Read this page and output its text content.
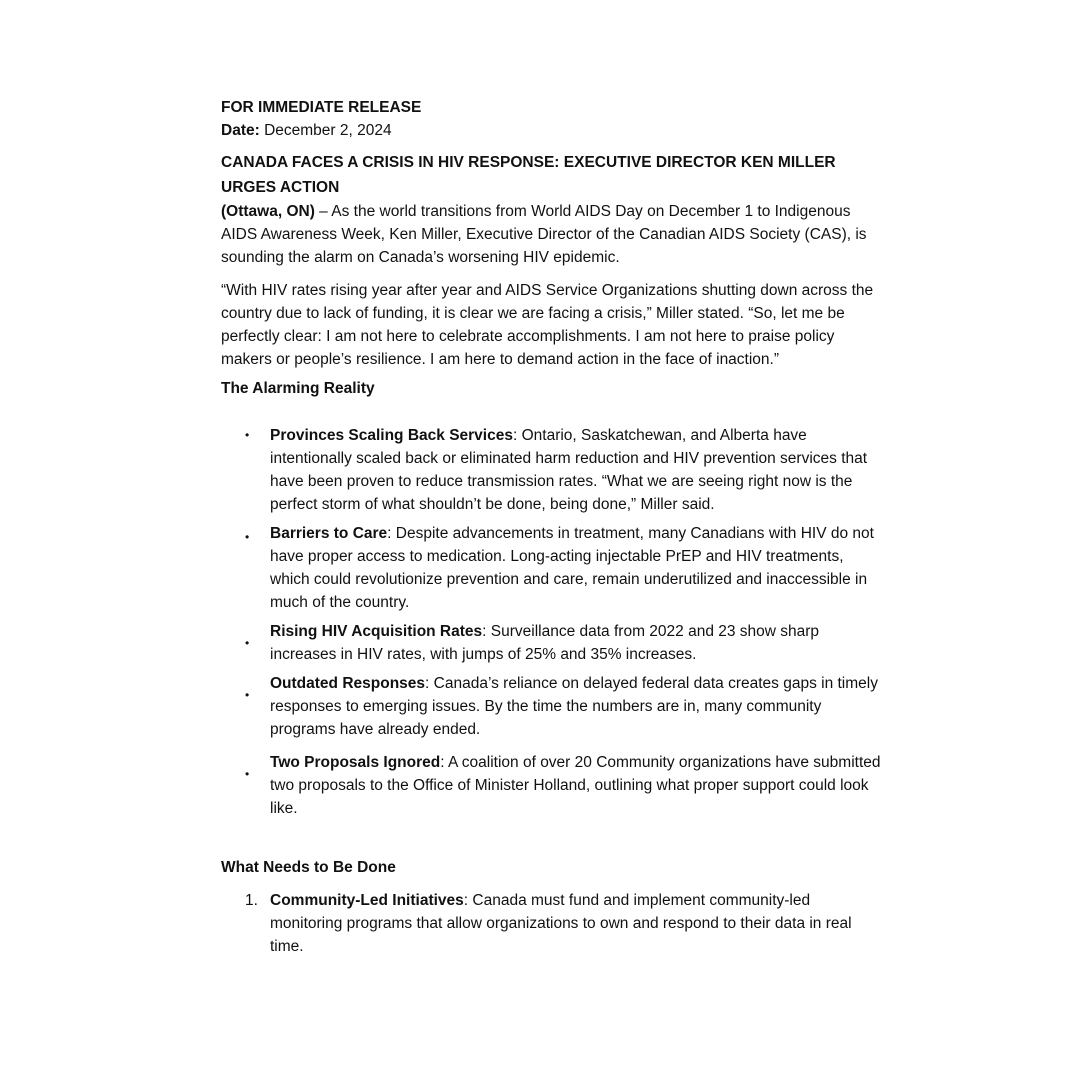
FOR IMMEDIATE RELEASE

Date: December 2, 2024

CANADA FACES A CRISIS IN HIV RESPONSE: EXECUTIVE DIRECTOR KEN MILLER URGES ACTION

(Ottawa, ON) – As the world transitions from World AIDS Day on December 1 to Indigenous AIDS Awareness Week, Ken Miller, Executive Director of the Canadian AIDS Society (CAS), is sounding the alarm on Canada’s worsening HIV epidemic.

“With HIV rates rising year after year and AIDS Service Organizations shutting down across the country due to lack of funding, it is clear we are facing a crisis,” Miller stated. “So, let me be perfectly clear: I am not here to celebrate accomplishments. I am not here to praise policy makers or people’s resilience. I am here to demand action in the face of inaction.”

The Alarming Reality

• Provinces Scaling Back Services: Ontario, Saskatchewan, and Alberta have intentionally scaled back or eliminated harm reduction and HIV prevention services that have been proven to reduce transmission rates. “What we are seeing right now is the perfect storm of what shouldn’t be done, being done,” Miller said.
• Barriers to Care: Despite advancements in treatment, many Canadians with HIV do not have proper access to medication. Long-acting injectable PrEP and HIV treatments, which could revolutionize prevention and care, remain underutilized and inaccessible in much of the country.
•
Rising HIV Acquisition Rates: Surveillance data from 2022 and 23 show sharp increases in HIV rates, with jumps of 25% and 35% increases.
•
Outdated Responses: Canada’s reliance on delayed federal data creates gaps in timely responses to emerging issues. By the time the numbers are in, many community programs have already ended.
•
Two Proposals Ignored: A coalition of over 20 Community organizations have submitted two proposals to the Office of Minister Holland, outlining what proper support could look like.

What Needs to Be Done

1. Community-Led Initiatives: Canada must fund and implement community-led monitoring programs that allow organizations to own and respond to their data in real time.
